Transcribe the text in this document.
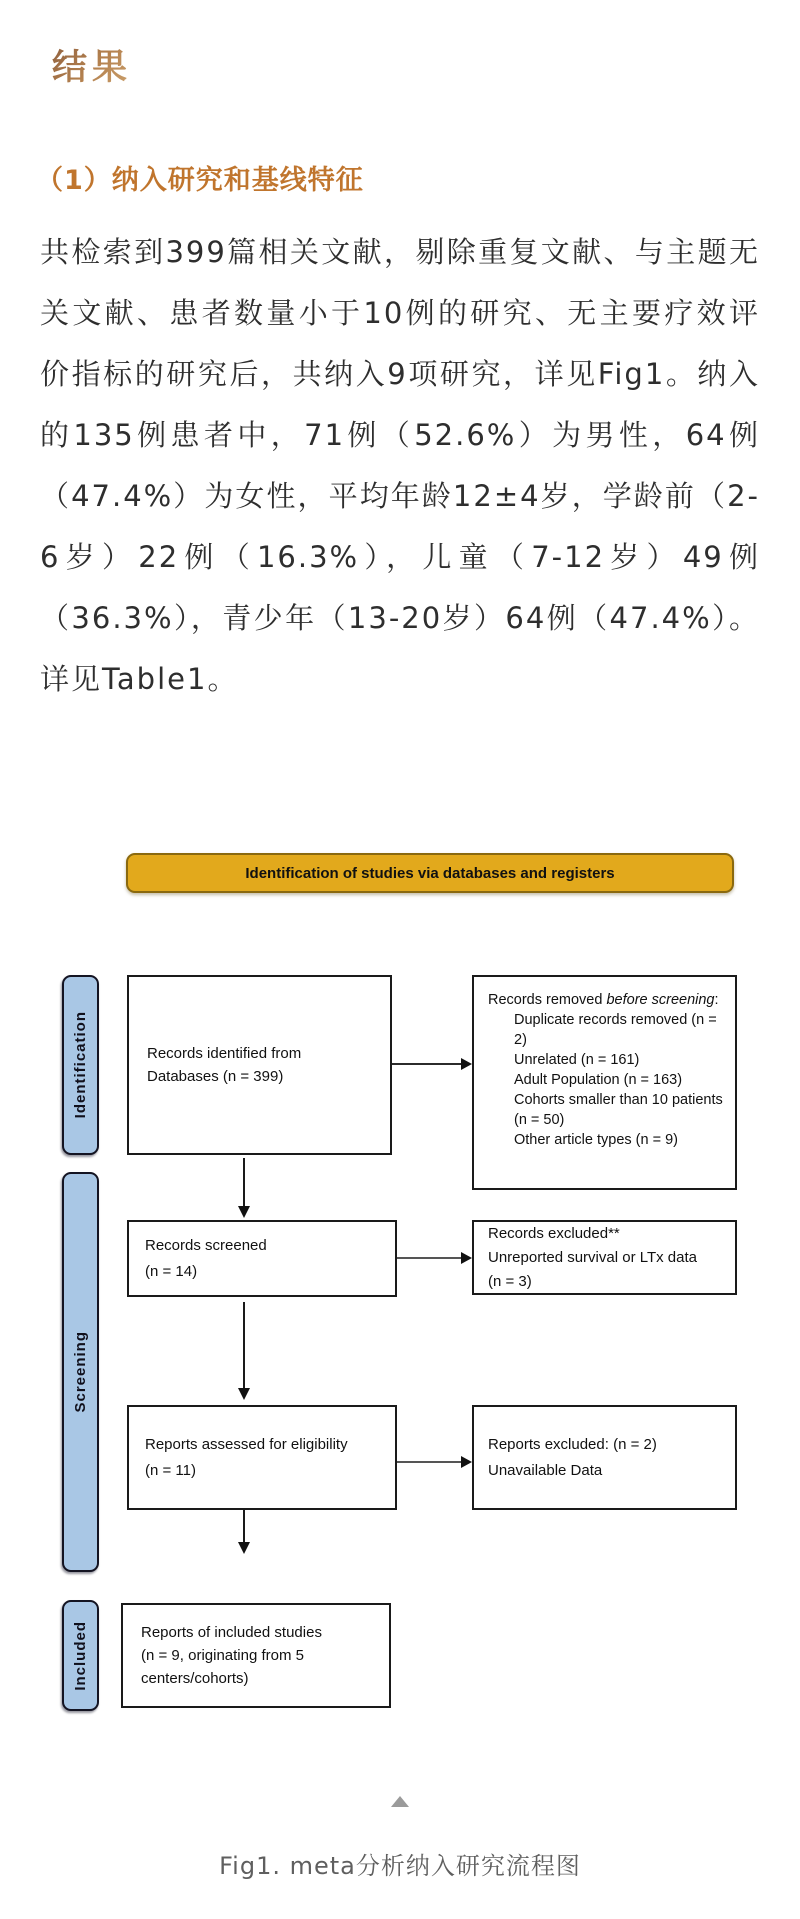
结果
（1）纳入研究和基线特征

共检索到399篇相关文献，剔除重复文献、与主题无关文献、患者数量小于10例的研究、无主要疗效评价指标的研究后，共纳入9项研究，详见Fig1。纳入的135例患者中，71例（52.6%）为男性，64例（47.4%）为女性，平均年龄12±4岁，学龄前（2-6岁）22例（16.3%），儿童（7-12岁）49例（36.3%），青少年（13-20岁）64例（47.4%）。详见Table1。

Identification of studies via databases and registers
Identification
Screening
Included
Records identified from
Databases (n = 399)
Records removed before screening:
Duplicate records removed (n = 2)
Unrelated (n = 161)
Adult Population (n = 163)
Cohorts smaller than 10 patients (n = 50)
Other article types (n = 9)
Records screened
(n = 14)
Records excluded**
Unreported survival or LTx data
(n = 3)
Reports assessed for eligibility
(n = 11)
Reports excluded: (n = 2)
Unavailable Data
Reports of included studies
(n = 9, originating from 5
centers/cohorts)
Fig1. meta分析纳入研究流程图
